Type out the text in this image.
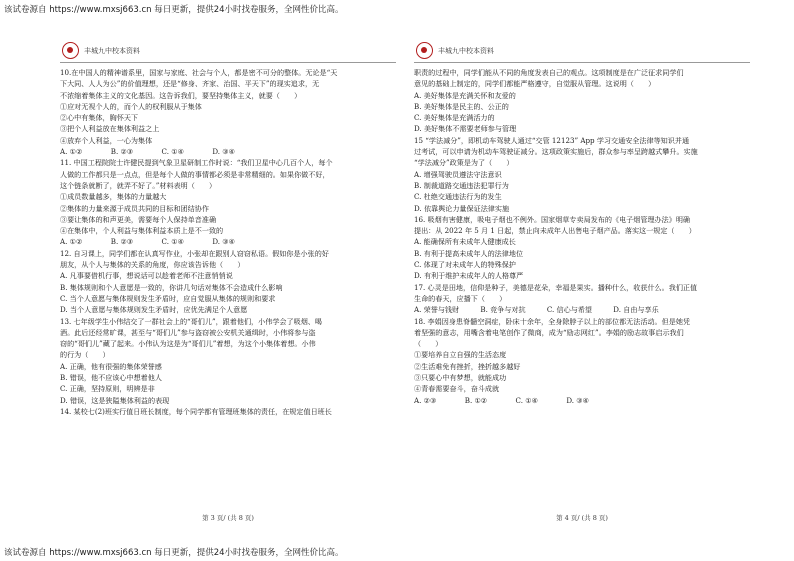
该试卷源自 https://www.mxsj663.cn 每日更新，提供24小时找卷服务，全网性价比高。
丰城九中校本资料
10.在中国人的精神谱系里，国家与家庭、社会与个人，都是密不可分的整体。无论是“天
下大同、人人为公”的价值理想，还是“修身、齐家、治国、平天下”的现实追求，无
不浓缩着集体主义的文化基因。这告诉我们，要坚持集体主义，就要（　　）
①应对无视个人的，而个人的权利服从于集体
②心中有集体，胸怀天下
③把个人利益放在集体利益之上
④放弃个人利益，一心为集体
A. ①②　　　　B. ②③　　　　C. ①④　　　　D. ③④
11. 中国工程院院士许健民提到气象卫星研制工作时说：“我们卫星中心几百个人，每个
人做的工作都只是一点点，但是每个人做的事情都必须是非常精细的。如果你做不好，
这个链条就断了，就弄不好了。”材料表明（　　）
①成员数量越多，集体的力量越大
②集体的力量来源于成员共同的目标和团结协作
③要让集体的和声更美，需要每个人保持单音准确
④在集体中，个人利益与集体利益本质上是不一致的
A. ①②　　　　B. ②③　　　　C. ①④　　　　D. ③④
12. 自习课上，同学们都在认真写作业，小张却在跟别人窃窃私语。假如你是小张的好
朋友，从个人与集体的关系的角度，你应该告诉他（　　）
A. 凡事要借机行事，想说话可以趁着老师不注意悄悄说
B. 集体规则和个人意愿是一致的，你讲几句话对集体不会造成什么影响
C. 当个人意愿与集体规则发生矛盾时，应自觉服从集体的规则和要求
D. 当个人意愿与集体规则发生矛盾时，应优先满足个人意愿
13. 七年级学生小伟结交了一群社会上的“哥们儿”，跟着他们，小伟学会了吸烟、喝
酒。此后还经常旷课，甚至与“哥们儿”参与盗窃被公安机关通缉时，小伟将参与盗
窃的“哥们儿”藏了起来。小伟认为这是为“哥们儿”着想，为这个小集体着想。小伟
的行为（　　）
A. 正确，他有很强的集体荣誉感
B. 错误，他不应该心中想着他人
C. 正确，坚持原则，明辨是非
D. 错误，这是狭隘集体利益的表现
14. 某校七(2)班实行值日班长制度，每个同学都有管理班集体的责任，在规定值日班长
第 3 页/ (共 8 页)
丰城九中校本资料
职责的过程中，同学们能从不同的角度发表自己的观点。这项制度是在广泛征求同学们
意见的基础上制定的，同学们都能严格遵守，自觉服从管理。这说明（　　）
A. 美好集体是充满关怀和友爱的
B. 美好集体是民主的、公正的
C. 美好集体是充满活力的
D. 美好集体不需要老师参与管理
15 “学法减分”，即机动车驾驶人通过“交管 12123” App 学习交通安全法律等知识并通
过考试，可以申请为机动车驾驶证减分。这项政策实施后，群众参与率呈跨越式攀升。实施
“学法减分”政策是为了（　　）
A. 增强驾驶员遵法守法意识
B. 制裁道路交通违法犯罪行为
C. 杜绝交通违法行为的发生
D. 依靠舆论力量保证法律实施
16. 吸烟有害健康，吸电子烟也不例外。国家烟草专卖局发布的《电子烟管理办法》明确
提出：从 2022 年 5 月 1 日起，禁止向未成年人出售电子烟产品。落实这一规定（　　）
A. 能确保所有未成年人健康成长
B. 有利于提高未成年人的法律地位
C. 体现了对未成年人的特殊保护
D. 有利于维护未成年人的人格尊严
17. 心灵是田地，信仰是种子，美德是花朵，幸福是果实。播种什么，收获什么。我们正值
生命的春天，应播下（　　）
A. 荣誉与钱财　　　B. 竞争与对抗　　　C. 信心与希望　　　D. 自由与享乐
18. 李娟因身患脊髓空洞症，卧床十余年，全身除脖子以上的部位都无法活动。但是她凭
着坚强的意志，用嘴含着电笔创作了微商，成为“励志网红”。李娟的励志故事启示我们
（　　）
①要培养自立自强的生活态度
②生活难免有挫折，挫折越多越好
③只要心中有梦想，就能成功
④青春需要奋斗，奋斗成就
A. ②③　　　　B. ①②　　　　C. ①④　　　　D. ③④
第 4 页/ (共 8 页)
该试卷源自 https://www.mxsj663.cn 每日更新，提供24小时找卷服务，全网性价比高。
